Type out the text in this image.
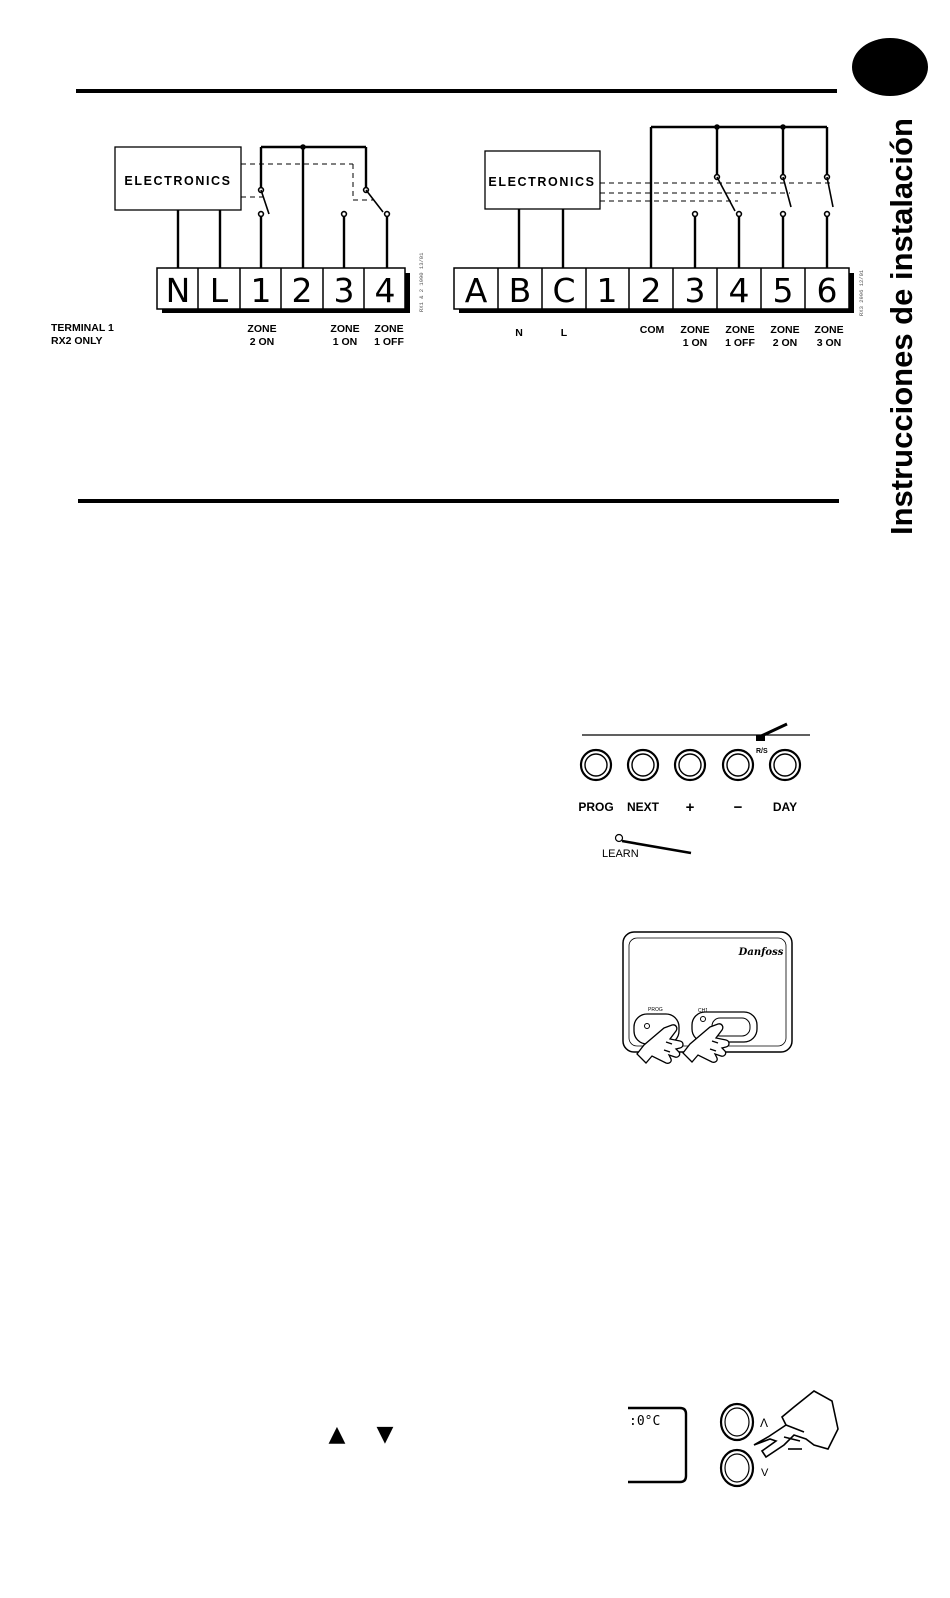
Instrucciones de instalación
ELECTRONICS
N L 1 2 3 4	RX1 & 2 1990 13/01
TERMINAL 1
RX2 ONLY
ZONE
2 ON
ZONE
1 ON
ZONE
1 OFF
ELECTRONICS
A B C 1 2 3 4 5 6	RX3 2996 12/01
N	L	COM ZONE
1 ON
ZONE
1 OFF
ZONE
2 ON
ZONE
3 ON
R/S
PROG NEXT +	−	DAY
LEARN
Danfoss
PROG	CH1
▲ ▼
:0°C	Λ
V
